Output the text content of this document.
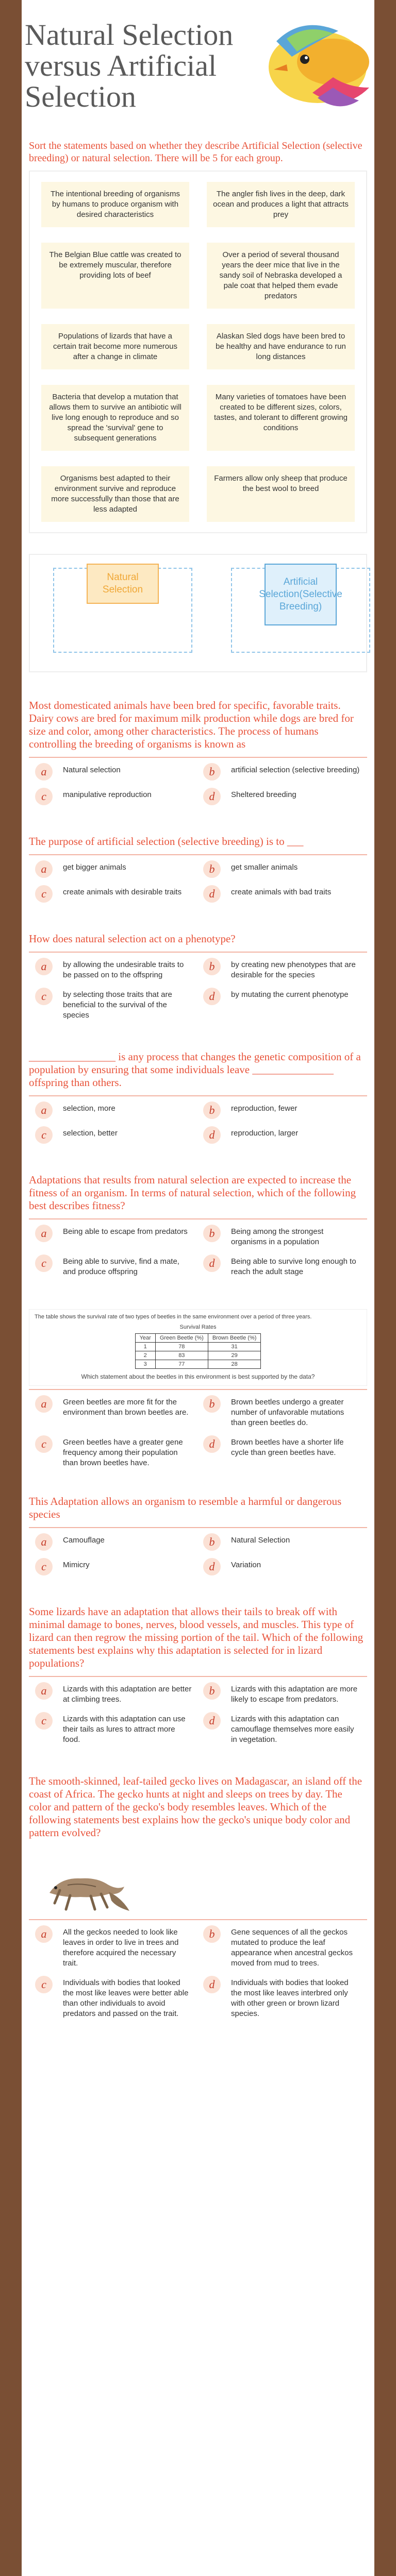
Natural Selection versus Artificial Selection
Sort the statements based on whether they describe Artificial Selection (selective breeding) or natural selection. There will be 5 for each group.
The intentional breeding of organisms by humans to produce organism with desired characteristics
The angler fish lives in the deep, dark ocean and produces a light that attracts prey
The Belgian Blue cattle was created to be extremely muscular, therefore providing lots of beef
Over a period of several thousand years the deer mice that live in the sandy soil of Nebraska developed a pale coat that helped them evade predators
Populations of lizards that have a certain trait become more numerous after a change in climate
Alaskan Sled dogs have been bred to be healthy and have endurance to run long distances
Bacteria that develop a mutation that allows them to survive an antibiotic will live long enough to reproduce and so spread the 'survival' gene to subsequent generations
Many varieties of tomatoes have been created to be different sizes, colors, tastes, and tolerant to different growing conditions
Organisms best adapted to their environment survive and reproduce more successfully than those that are less adapted
Farmers allow only sheep that produce the best wool to breed
Natural Selection
Artificial Selection(Selective Breeding)
Most domesticated animals have been bred for specific, favorable traits. Dairy cows are bred for maximum milk production while dogs are bred for size and color, among other characteristics. The process of humans controlling the breeding of organisms is known as
a	Natural selection	b	artificial selection (selective breeding)
c	manipulative reproduction	d	Sheltered breeding
The purpose of artificial selection (selective breeding) is to ___
a	get bigger animals	b	get smaller animals
c	create animals with desirable traits	d	create animals with bad traits
How does natural selection act on a phenotype?
a	by allowing the undesirable traits to be passed on to the offspring
b	by creating new phenotypes that are desirable for the species
c	by selecting those traits that are beneficial to the survival of the species
d	by mutating the current phenotype
________________ is any process that changes the genetic composition of a population by ensuring that some individuals leave _______________ offspring than others.
a	selection, more	b	reproduction, fewer
c	selection, better	d	reproduction, larger
Adaptations that results from natural selection are expected to increase the fitness of an organism. In terms of natural selection, which of the following best describes fitness?
a	Being able to escape from predators	b	Being among the strongest organisms in a population
c	Being able to survive, find a mate, and produce offspring
d	Being able to survive long enough to reach the adult stage
The table shows the survival rate of two types of beetles in the same environment over a period of three years.
Survival Rates
Year	Green Beetle (%)	Brown Beetle (%)
1	78	31
2	83	29
3	77	28
Which statement about the beetles in this environment is best supported by the data?
a	Green beetles are more fit for the environment than brown beetles are.
b	Brown beetles undergo a greater number of unfavorable mutations than green beetles do.
c	Green beetles have a greater gene frequency among their population than brown beetles have.
d	Brown beetles have a shorter life cycle than green beetles have.
This Adaptation allows an organism to resemble a harmful or dangerous species
a	Camouflage	b	Natural Selection
c	Mimicry	d	Variation
Some lizards have an adaptation that allows their tails to break off with minimal damage to bones, nerves, blood vessels, and muscles. This type of lizard can then regrow the missing portion of the tail. Which of the following statements best explains why this adaptation is selected for in lizard populations?
a	Lizards with this adaptation are better at climbing trees.
b	Lizards with this adaptation are more likely to escape from predators.
c	Lizards with this adaptation can use their tails as lures to attract more food.
d	Lizards with this adaptation can camouflage themselves more easily in vegetation.
The smooth-skinned, leaf-tailed gecko lives on Madagascar, an island off the coast of Africa. The gecko hunts at night and sleeps on trees by day. The color and pattern of the gecko's body resembles leaves. Which of the following statements best explains how the gecko's unique body color and pattern evolved?
a	All the geckos needed to look like leaves in order to live in trees and therefore acquired the necessary trait.
b	Gene sequences of all the geckos mutated to produce the leaf appearance when ancestral geckos moved from mud to trees.
c	Individuals with bodies that looked the most like leaves were better able than other individuals to avoid predators and passed on the trait.
d	Individuals with bodies that looked the most like leaves interbred only with other green or brown lizard species.
